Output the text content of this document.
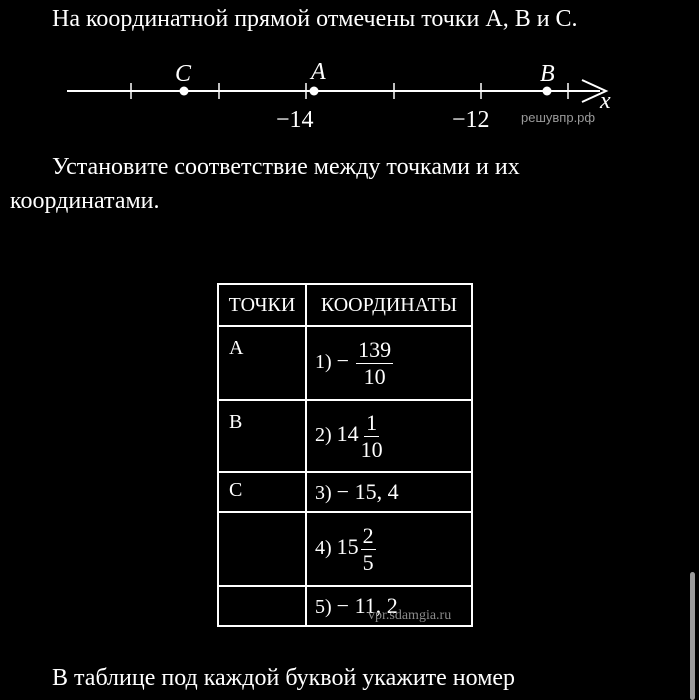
На координатной прямой отмечены точки A, B и C.
C	A	B
−14	−12
x
решувпр.рф
Установите соответствие между точками и их
координатами.
ТОЧКИ	КООРДИНАТЫ
A	$1) - \frac{139}{10}$

B	2) $14 \frac{1}{10}$

C	3) − 15, 4
	4) $15 \frac{2}{5}$

	5) − 11, 2
vpr.sdamgia.ru
В таблице под каждой буквой укажите номер
